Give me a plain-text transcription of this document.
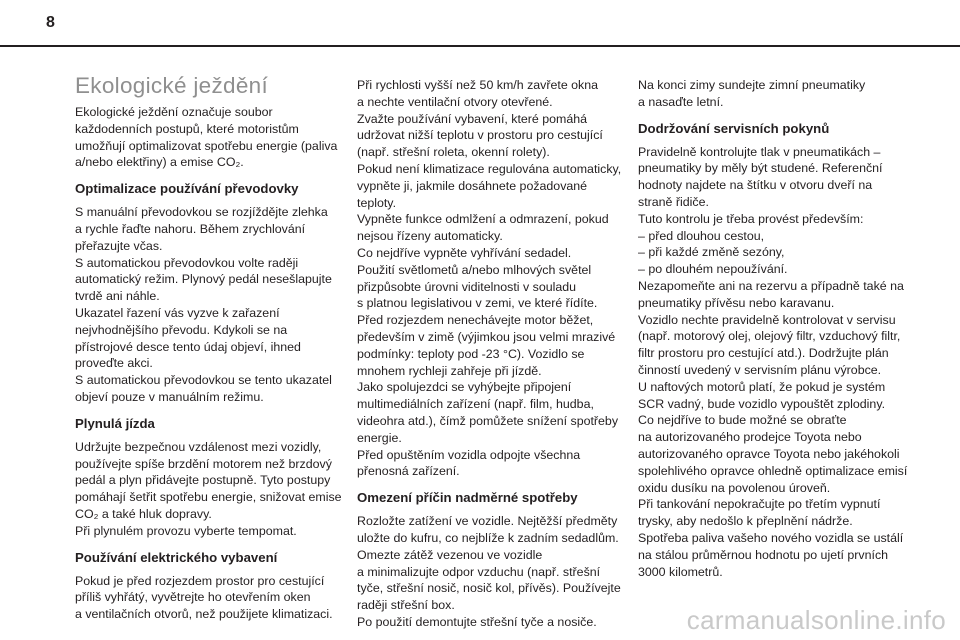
8
Ekologické ježdění

Ekologické ježdění označuje soubor
každodenních postupů, které motoristům
umožňují optimalizovat spotřebu energie (paliva
a/nebo elektřiny) a emise CO₂.

Optimalizace používání převodovky

S manuální převodovkou se rozjíždějte zlehka
a rychle řaďte nahoru. Během zrychlování
přeřazujte včas.
S automatickou převodovkou volte raději
automatický režim. Plynový pedál nesešlapujte
tvrdě ani náhle.
Ukazatel řazení vás vyzve k zařazení
nejvhodnějšího převodu. Kdykoli se na
přístrojové desce tento údaj objeví, ihned
proveďte akci.
S automatickou převodovkou se tento ukazatel
objeví pouze v manuálním režimu.

Plynulá jízda

Udržujte bezpečnou vzdálenost mezi vozidly,
používejte spíše brzdění motorem než brzdový
pedál a plyn přidávejte postupně. Tyto postupy
pomáhají šetřit spotřebu energie, snižovat emise
CO₂ a také hluk dopravy.
Při plynulém provozu vyberte tempomat.

Používání elektrického vybavení

Pokud je před rozjezdem prostor pro cestující
příliš vyhřátý, vyvětrejte ho otevřením oken
a ventilačních otvorů, než použijete klimatizaci.

Při rychlosti vyšší než 50 km/h zavřete okna
a nechte ventilační otvory otevřené.
Zvažte používání vybavení, které pomáhá
udržovat nižší teplotu v prostoru pro cestující
(např. střešní roleta, okenní rolety).
Pokud není klimatizace regulována automaticky,
vypněte ji, jakmile dosáhnete požadované
teploty.
Vypněte funkce odmlžení a odmrazení, pokud
nejsou řízeny automaticky.
Co nejdříve vypněte vyhřívání sedadel.
Použití světlometů a/nebo mlhových světel
přizpůsobte úrovni viditelnosti v souladu
s platnou legislativou v zemi, ve které řídíte.
Před rozjezdem nenechávejte motor běžet,
především v zimě (výjimkou jsou velmi mrazivé
podmínky: teploty pod -23 °C). Vozidlo se
mnohem rychleji zahřeje při jízdě.
Jako spolujezdci se vyhýbejte připojení
multimediálních zařízení (např. film, hudba,
videohra atd.), čímž pomůžete snížení spotřeby
energie.
Před opuštěním vozidla odpojte všechna
přenosná zařízení.

Omezení příčin nadměrné spotřeby

Rozložte zatížení ve vozidle. Nejtěžší předměty
uložte do kufru, co nejblíže k zadním sedadlům.
Omezte zátěž vezenou ve vozidle
a minimalizujte odpor vzduchu (např. střešní
tyče, střešní nosič, nosič kol, přívěs). Používejte
raději střešní box.
Po použití demontujte střešní tyče a nosiče.

Na konci zimy sundejte zimní pneumatiky
a nasaďte letní.

Dodržování servisních pokynů

Pravidelně kontrolujte tlak v pneumatikách –
pneumatiky by měly být studené. Referenční
hodnoty najdete na štítku v otvoru dveří na
straně řidiče.
Tuto kontrolu je třeba provést především:
– před dlouhou cestou,
– při každé změně sezóny,
– po dlouhém nepoužívání.
Nezapomeňte ani na rezervu a případně také na
pneumatiky přívěsu nebo karavanu.
Vozidlo nechte pravidelně kontrolovat v servisu
(např. motorový olej, olejový filtr, vzduchový filtr,
filtr prostoru pro cestující atd.). Dodržujte plán
činností uvedený v servisním plánu výrobce.
U naftových motorů platí, že pokud je systém
SCR vadný, bude vozidlo vypouštět zplodiny.
Co nejdříve to bude možné se obraťte
na autorizovaného prodejce Toyota nebo
autorizovaného opravce Toyota nebo jakéhokoli
spolehlivého opravce ohledně optimalizace emisí
oxidu dusíku na povolenou úroveň.
Při tankování nepokračujte po třetím vypnutí
trysky, aby nedošlo k přeplnění nádrže.
Spotřeba paliva vašeho nového vozidla se ustálí
na stálou průměrnou hodnotu po ujetí prvních
3000 kilometrů.

carmanualsonline.info
